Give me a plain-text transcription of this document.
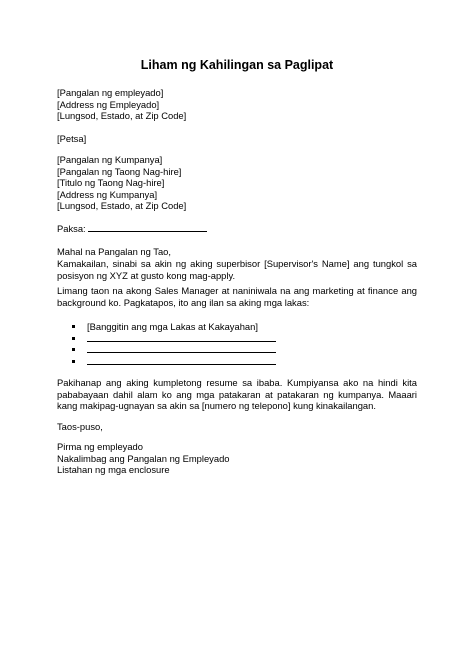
Liham ng Kahilingan sa Paglipat
[Pangalan ng empleyado]
[Address ng Empleyado]
[Lungsod, Estado, at Zip Code]
[Petsa]
[Pangalan ng Kumpanya]
[Pangalan ng Taong Nag-hire]
[Titulo ng Taong Nag-hire]
[Address ng Kumpanya]
[Lungsod, Estado, at Zip Code]
Paksa:
Mahal na Pangalan ng Tao,
Kamakailan, sinabi sa akin ng aking superbisor [Supervisor's Name] ang tungkol sa posisyon ng XYZ at gusto kong mag-apply.
Limang taon na akong Sales Manager at naniniwala na ang marketing at finance ang background ko. Pagkatapos, ito ang ilan sa aking mga lakas:
[Banggitin ang mga Lakas at Kakayahan]
Pakihanap ang aking kumpletong resume sa ibaba. Kumpiyansa ako na hindi kita pababayaan dahil alam ko ang mga patakaran at patakaran ng kumpanya. Maaari kang makipag-ugnayan sa akin sa [numero ng telepono] kung kinakailangan.
Taos-puso,
Pirma ng empleyado
Nakalimbag ang Pangalan ng Empleyado
Listahan ng mga enclosure
